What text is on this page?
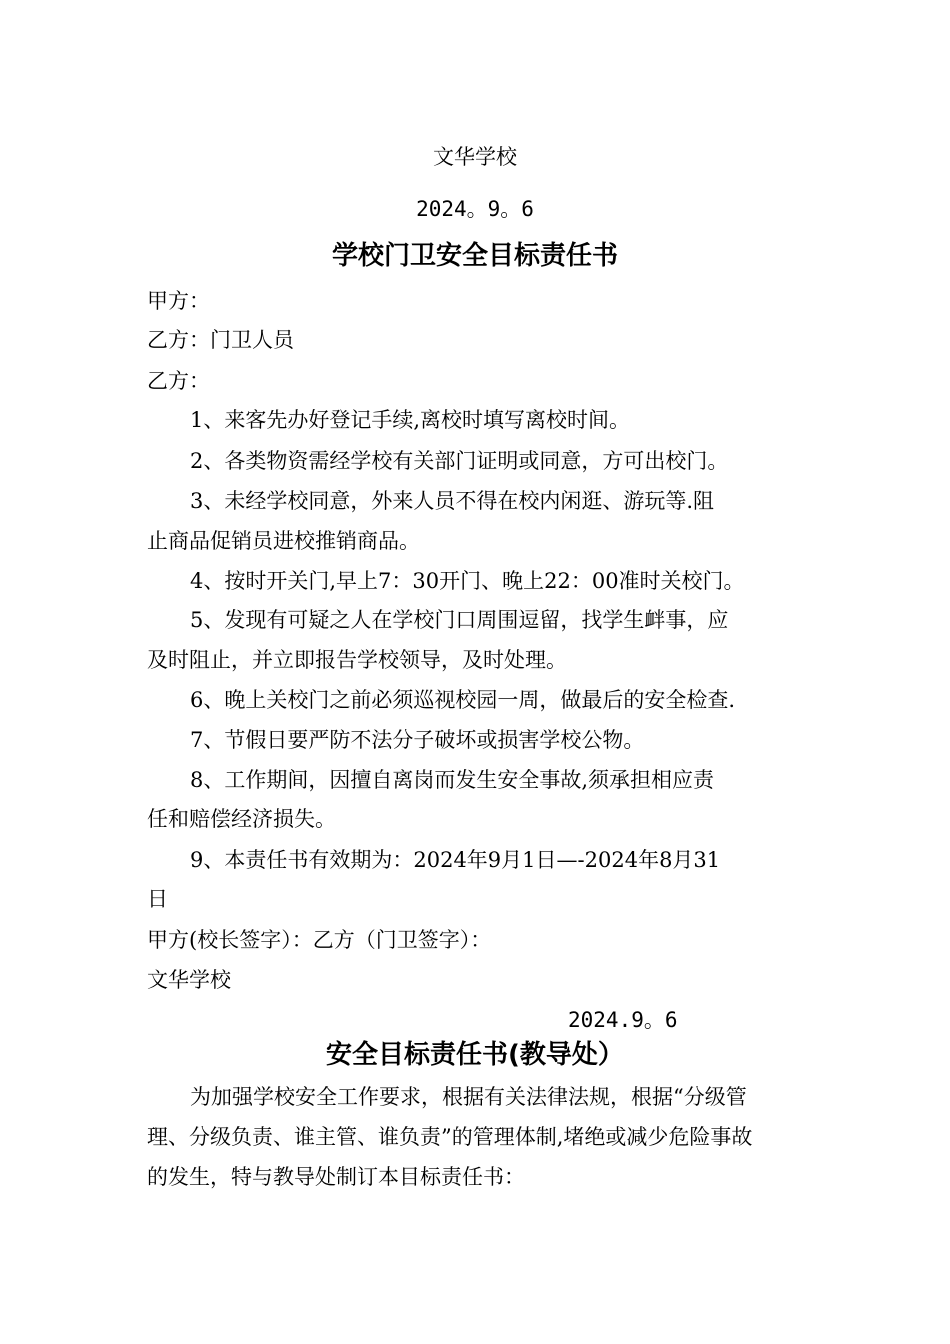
文华学校
2024。9。6
学校门卫安全目标责任书
甲方：
乙方：门卫人员
乙方：
1、来客先办好登记手续,离校时填写离校时间。
2、各类物资需经学校有关部门证明或同意，方可出校门。
3、未经学校同意，外来人员不得在校内闲逛、游玩等.阻
止商品促销员进校推销商品。
4、按时开关门,早上7：30开门、晚上22：00准时关校门。
5、发现有可疑之人在学校门口周围逗留，找学生衅事，应
及时阻止，并立即报告学校领导，及时处理。
6、晚上关校门之前必须巡视校园一周，做最后的安全检查.
7、节假日要严防不法分子破坏或损害学校公物。
8、工作期间，因擅自离岗而发生安全事故,须承担相应责
任和赔偿经济损失。
9、本责任书有效期为：2024年9月1日—-2024年8月31
日
甲方(校长签字）：乙方（门卫签字）：
文华学校
2024.9。6
安全目标责任书(教导处）
为加强学校安全工作要求，根据有关法律法规，根据“分级管
理、分级负责、谁主管、谁负责”的管理体制,堵绝或减少危险事故
的发生，特与教导处制订本目标责任书：
